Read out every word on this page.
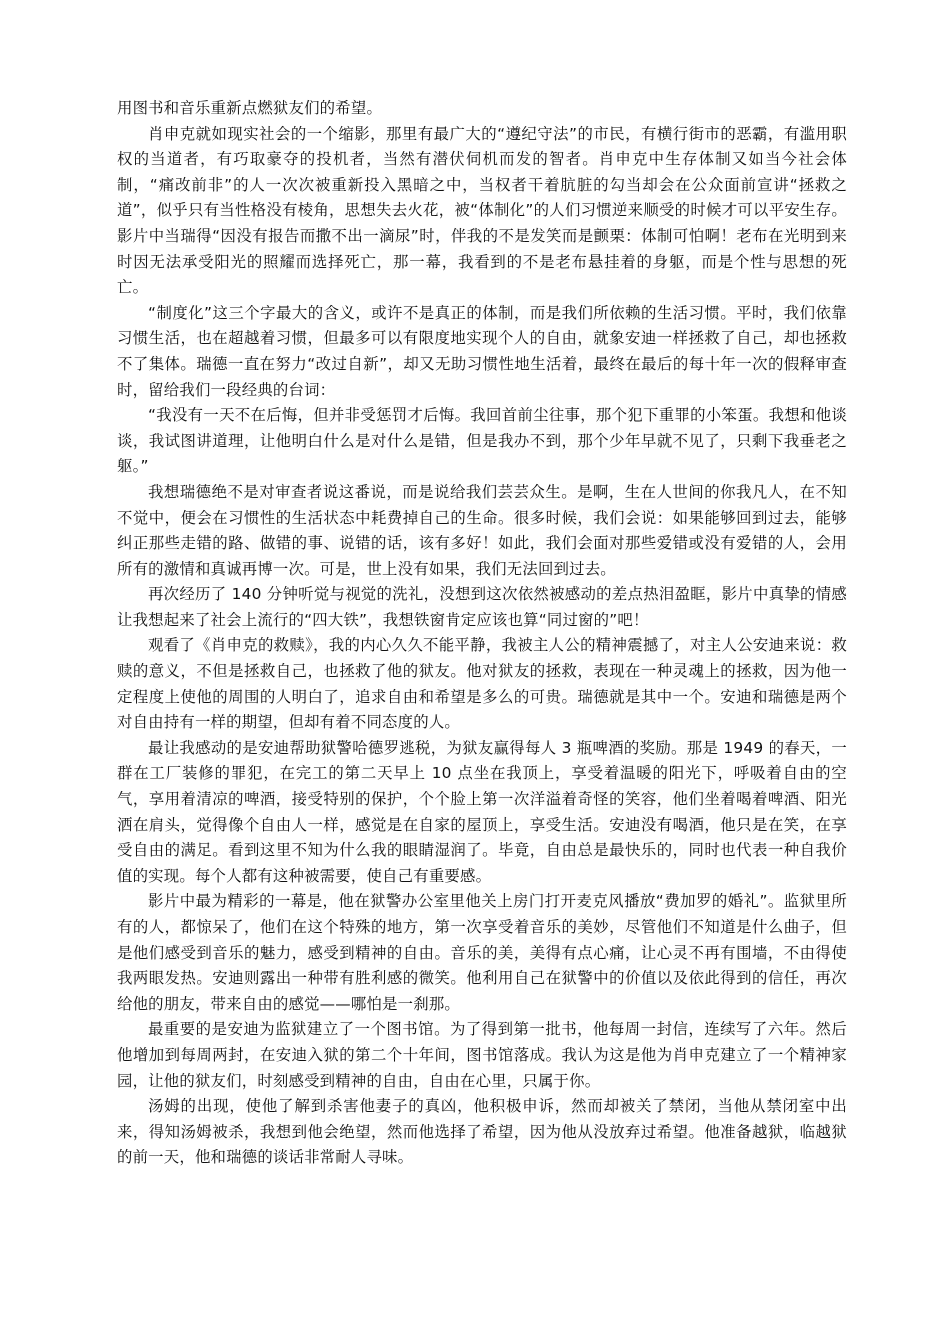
用图书和音乐重新点燃狱友们的希望。

肖申克就如现实社会的一个缩影，那里有最广大的“遵纪守法”的市民，有横行街市的恶霸，有滥用职权的当道者，有巧取豪夺的投机者，当然有潜伏伺机而发的智者。肖申克中生存体制又如当今社会体制，“痛改前非”的人一次次被重新投入黑暗之中，当权者干着肮脏的勾当却会在公众面前宣讲“拯救之道”，似乎只有当性格没有棱角，思想失去火花，被“体制化”的人们习惯逆来顺受的时候才可以平安生存。影片中当瑞得“因没有报告而撒不出一滴尿”时，伴我的不是发笑而是颤栗：体制可怕啊！老布在光明到来时因无法承受阳光的照耀而选择死亡，那一幕，我看到的不是老布悬挂着的身躯，而是个性与思想的死亡。

“制度化”这三个字最大的含义，或许不是真正的体制，而是我们所依赖的生活习惯。平时，我们依靠习惯生活，也在超越着习惯，但最多可以有限度地实现个人的自由，就象安迪一样拯救了自己，却也拯救不了集体。瑞德一直在努力“改过自新”，却又无助习惯性地生活着，最终在最后的每十年一次的假释审查时，留给我们一段经典的台词：

“我没有一天不在后悔，但并非受惩罚才后悔。我回首前尘往事，那个犯下重罪的小笨蛋。我想和他谈谈，我试图讲道理，让他明白什么是对什么是错，但是我办不到，那个少年早就不见了，只剩下我垂老之躯。”

我想瑞德绝不是对审查者说这番说，而是说给我们芸芸众生。是啊，生在人世间的你我凡人，在不知不觉中，便会在习惯性的生活状态中耗费掉自己的生命。很多时候，我们会说：如果能够回到过去，能够纠正那些走错的路、做错的事、说错的话，该有多好！如此，我们会面对那些爱错或没有爱错的人，会用所有的激情和真诚再博一次。可是，世上没有如果，我们无法回到过去。

再次经历了 140 分钟听觉与视觉的洗礼，没想到这次依然被感动的差点热泪盈眶，影片中真挚的情感让我想起来了社会上流行的“四大铁”，我想铁窗肯定应该也算“同过窗的”吧！

观看了《肖申克的救赎》，我的内心久久不能平静，我被主人公的精神震撼了，对主人公安迪来说：救赎的意义，不但是拯救自己，也拯救了他的狱友。他对狱友的拯救，表现在一种灵魂上的拯救，因为他一定程度上使他的周围的人明白了，追求自由和希望是多么的可贵。瑞德就是其中一个。安迪和瑞德是两个对自由持有一样的期望，但却有着不同态度的人。

最让我感动的是安迪帮助狱警哈德罗逃税，为狱友赢得每人 3 瓶啤酒的奖励。那是 1949 的春天，一群在工厂装修的罪犯，在完工的第二天早上 10 点坐在我顶上，享受着温暖的阳光下，呼吸着自由的空气，享用着清凉的啤酒，接受特别的保护，个个脸上第一次洋溢着奇怪的笑容，他们坐着喝着啤酒、阳光洒在肩头，觉得像个自由人一样，感觉是在自家的屋顶上，享受生活。安迪没有喝酒，他只是在笑，在享受自由的满足。看到这里不知为什么我的眼睛湿润了。毕竟，自由总是最快乐的，同时也代表一种自我价值的实现。每个人都有这种被需要，使自己有重要感。

影片中最为精彩的一幕是，他在狱警办公室里他关上房门打开麦克风播放“费加罗的婚礼”。监狱里所有的人，都惊呆了，他们在这个特殊的地方，第一次享受着音乐的美妙，尽管他们不知道是什么曲子，但是他们感受到音乐的魅力，感受到精神的自由。音乐的美，美得有点心痛，让心灵不再有围墙，不由得使我两眼发热。安迪则露出一种带有胜利感的微笑。他利用自己在狱警中的价值以及依此得到的信任，再次给他的朋友，带来自由的感觉——哪怕是一刹那。

最重要的是安迪为监狱建立了一个图书馆。为了得到第一批书，他每周一封信，连续写了六年。然后他增加到每周两封，在安迪入狱的第二个十年间，图书馆落成。我认为这是他为肖申克建立了一个精神家园，让他的狱友们，时刻感受到精神的自由，自由在心里，只属于你。

汤姆的出现，使他了解到杀害他妻子的真凶，他积极申诉，然而却被关了禁闭，当他从禁闭室中出来，得知汤姆被杀，我想到他会绝望，然而他选择了希望，因为他从没放弃过希望。他准备越狱，临越狱的前一天，他和瑞德的谈话非常耐人寻味。
